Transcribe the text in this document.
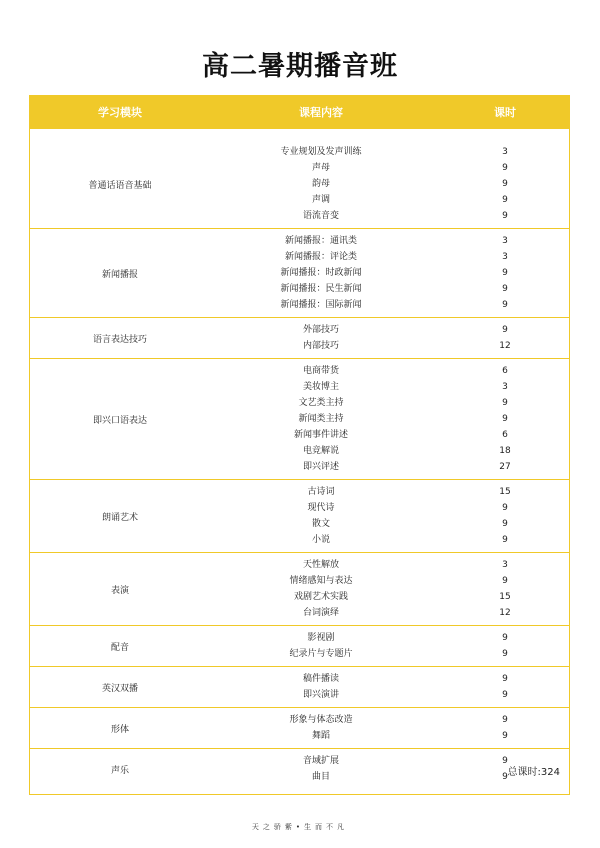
高二暑期播音班
学习模块	课程内容	课时
普通话语音基础
专业规划及发声训练	3
声母	9
韵母	9
声调	9
语流音变	9
新闻播报
新闻播报：通讯类	3
新闻播报：评论类	3
新闻播报：时政新闻	9
新闻播报：民生新闻	9
新闻播报：国际新闻	9
语言表达技巧
外部技巧	9
内部技巧	12
即兴口语表达
电商带货	6
美妆博主	3
文艺类主持	9
新闻类主持	9
新闻事件讲述	6
电竞解说	18
即兴评述	27
朗诵艺术
古诗词	15
现代诗	9
散文	9
小说	9
表演
天性解放	3
情绪感知与表达	9
戏剧艺术实践	15
台词演绎	12
配音
影视剧	9
纪录片与专题片	9
英汉双播
稿件播读	9
即兴演讲	9
形体
形象与体态改造	9
舞蹈	9
声乐
音域扩展	9
曲目	9 总课时:324
天之骄紫•生而不凡
